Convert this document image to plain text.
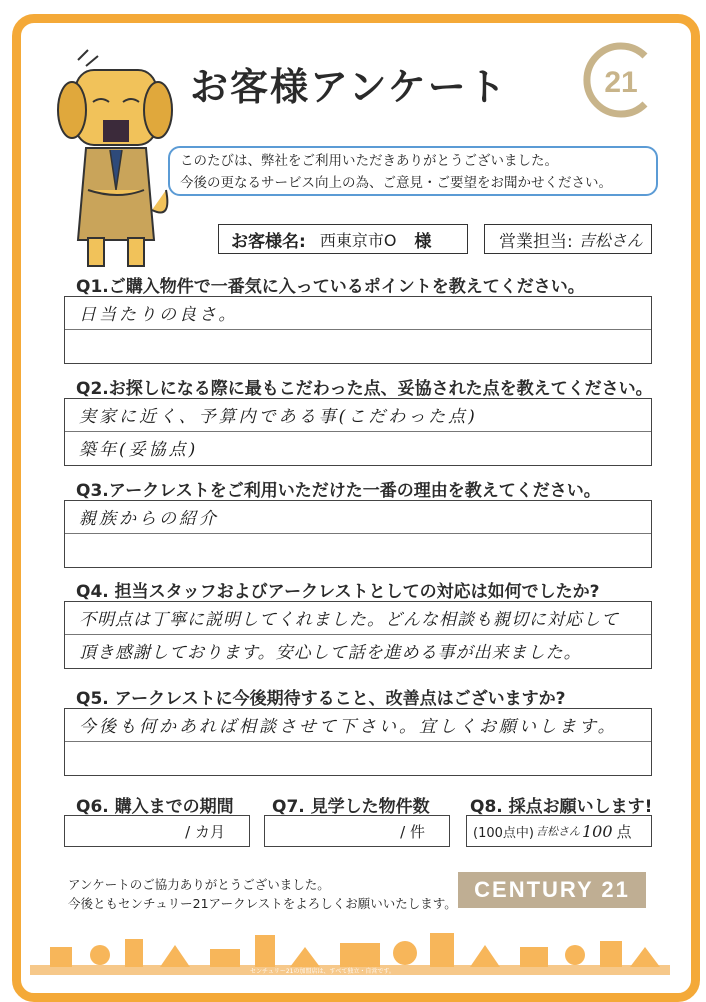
お客様アンケート	21
このたびは、弊社をご利用いただきありがとうございました。
今後の更なるサービス向上の為、ご意見・ご要望をお聞かせください。
お客様名: 西東京市O 様	営業担当: 吉松さん
Q1.ご購入物件で一番気に入っているポイントを教えてください。
日当たりの良さ。
Q2.お探しになる際に最もこだわった点、妥協された点を教えてください。
実家に近く、予算内である事(こだわった点)
築年(妥協点)
Q3.アークレストをご利用いただけた一番の理由を教えてください。
親族からの紹介
Q4. 担当スタッフおよびアークレストとしての対応は如何でしたか?
不明点は丁寧に説明してくれました。どんな相談も親切に対応して
頂き感謝しております。安心して話を進める事が出来ました。
Q5. アークレストに今後期待すること、改善点はございますか?
今後も何かあれば相談させて下さい。宜しくお願いします。
Q6. 購入までの期間 Q7. 見学した物件数 Q8. 採点お願いします!
/ カ月	/ 件	(100点中) 吉松さん 100 点
アンケートのご協力ありがとうございました。
今後ともセンチュリー21アークレストをよろしくお願いいたします。
CENTURY 21
センチュリー21の加盟店は、すべて独立・自営です。
